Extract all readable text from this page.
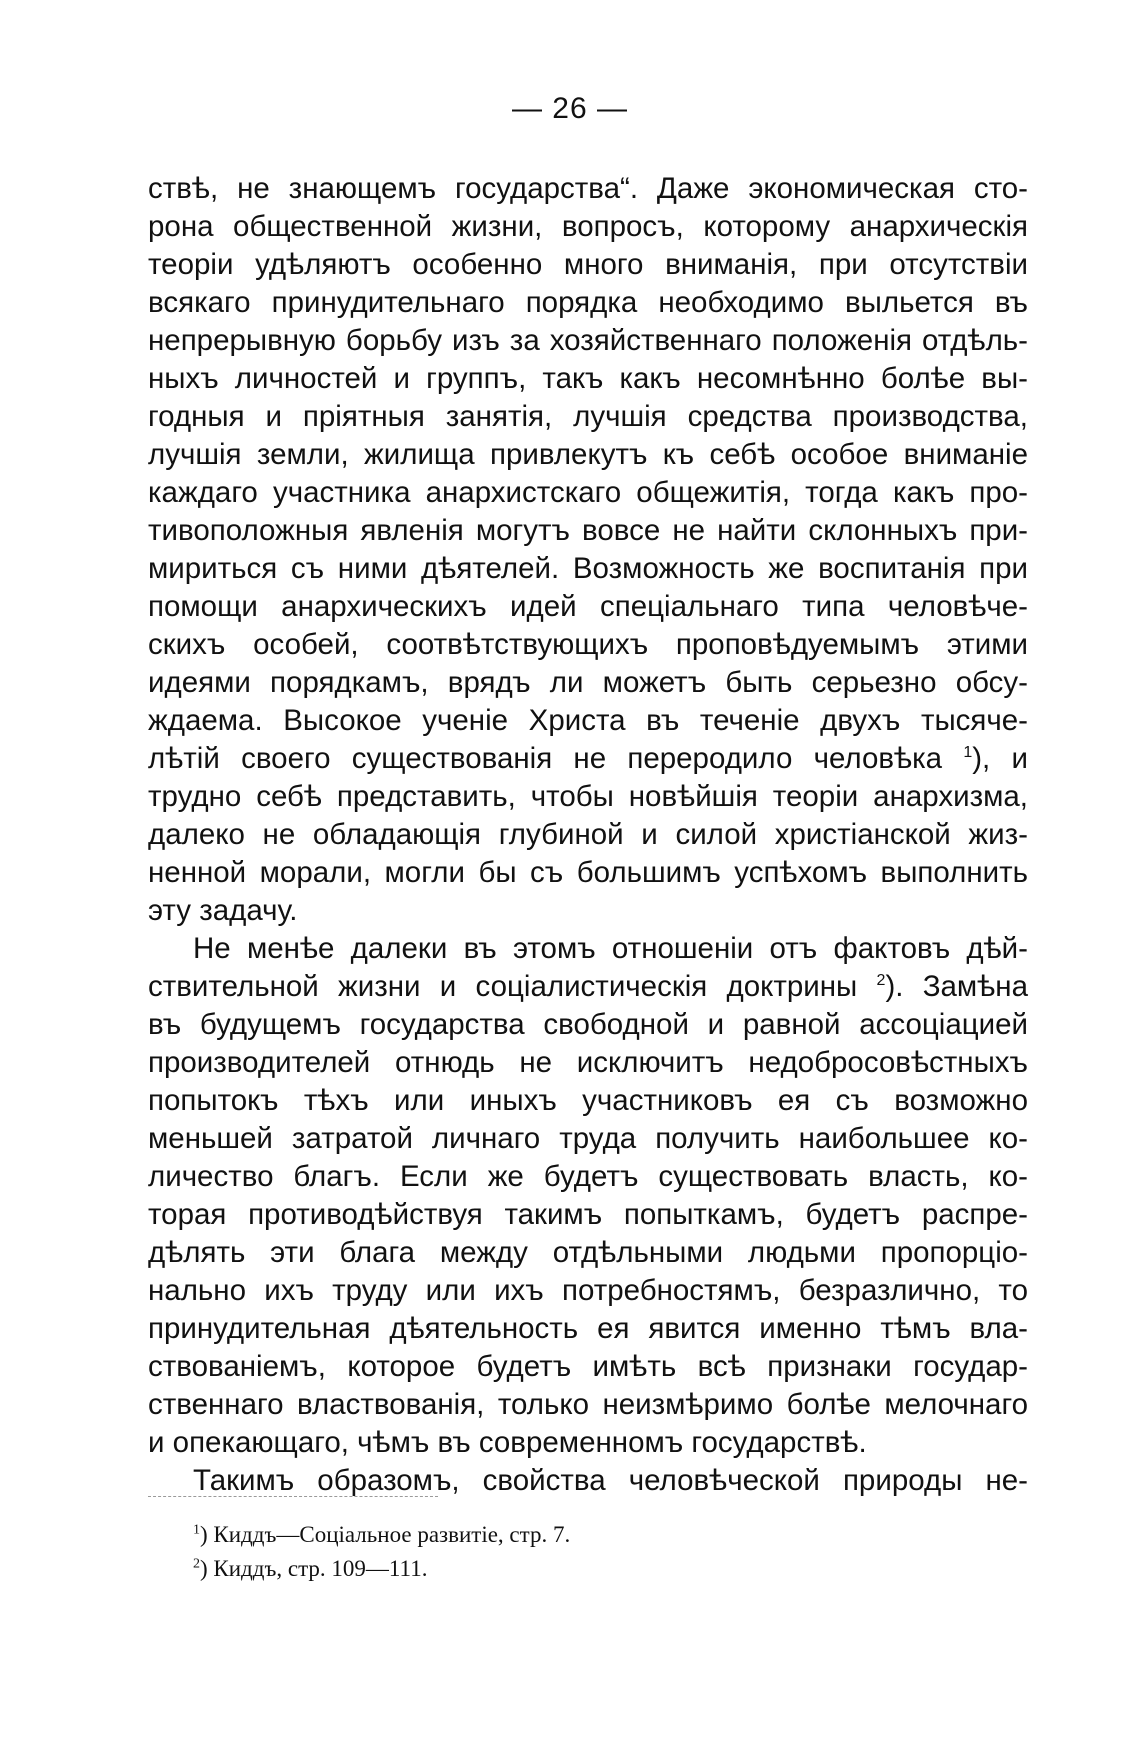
— 26 —
ствѣ, не знающемъ государства“. Даже экономическая сто-
рона общественной жизни, вопросъ, которому анархическія
теоріи удѣляютъ особенно много вниманія, при отсутствіи
всякаго принудительнаго порядка необходимо выльется въ
непрерывную борьбу изъ за хозяйственнаго положенія отдѣль-
ныхъ личностей и группъ, такъ какъ несомнѣнно болѣе вы-
годныя и пріятныя занятія, лучшія средства производства,
лучшія земли, жилища привлекутъ къ себѣ особое вниманіе
каждаго участника анархистскаго общежитія, тогда какъ про-
тивоположныя явленія могутъ вовсе не найти склонныхъ при-
мириться съ ними дѣятелей. Возможность же воспитанія при
помощи анархическихъ идей спеціальнаго типа человѣче-
скихъ особей, соотвѣтствующихъ проповѣдуемымъ этими
идеями порядкамъ, врядъ ли можетъ быть серьезно обсу-
ждаема. Высокое ученіе Христа въ теченіе двухъ тысяче-
лѣтій своего существованія не переродило человѣка $^1$), и
трудно себѣ представить, чтобы новѣйшія теоріи анархизма,
далеко не обладающія глубиной и силой христіанской жиз-
ненной морали, могли бы съ большимъ успѣхомъ выполнить
эту задачу.
Не менѣе далеки въ этомъ отношеніи отъ фактовъ дѣй-
ствительной жизни и соціалистическія доктрины $^2$). Замѣна
въ будущемъ государства свободной и равной ассоціацией
производителей отнюдь не исключитъ недобросовѣстныхъ
попытокъ тѣхъ или иныхъ участниковъ ея съ возможно
меньшей затратой личнаго труда получить наибольшее ко-
личество благъ. Если же будетъ существовать власть, ко-
торая противодѣйствуя такимъ попыткамъ, будетъ распре-
дѣлять эти блага между отдѣльными людьми пропорціо-
нально ихъ труду или ихъ потребностямъ, безразлично, то
принудительная дѣятельность ея явится именно тѣмъ вла-
ствованіемъ, которое будетъ имѣть всѣ признаки государ-
ственнаго властвованія, только неизмѣримо болѣе мелочнаго
и опекающаго, чѣмъ въ современномъ государствѣ.
Такимъ образомъ, свойства человѣческой природы не-
$^1$) Киддъ—Соціальное развитіе, стр. 7.
$^2$) Киддъ, стр. 109—111.
